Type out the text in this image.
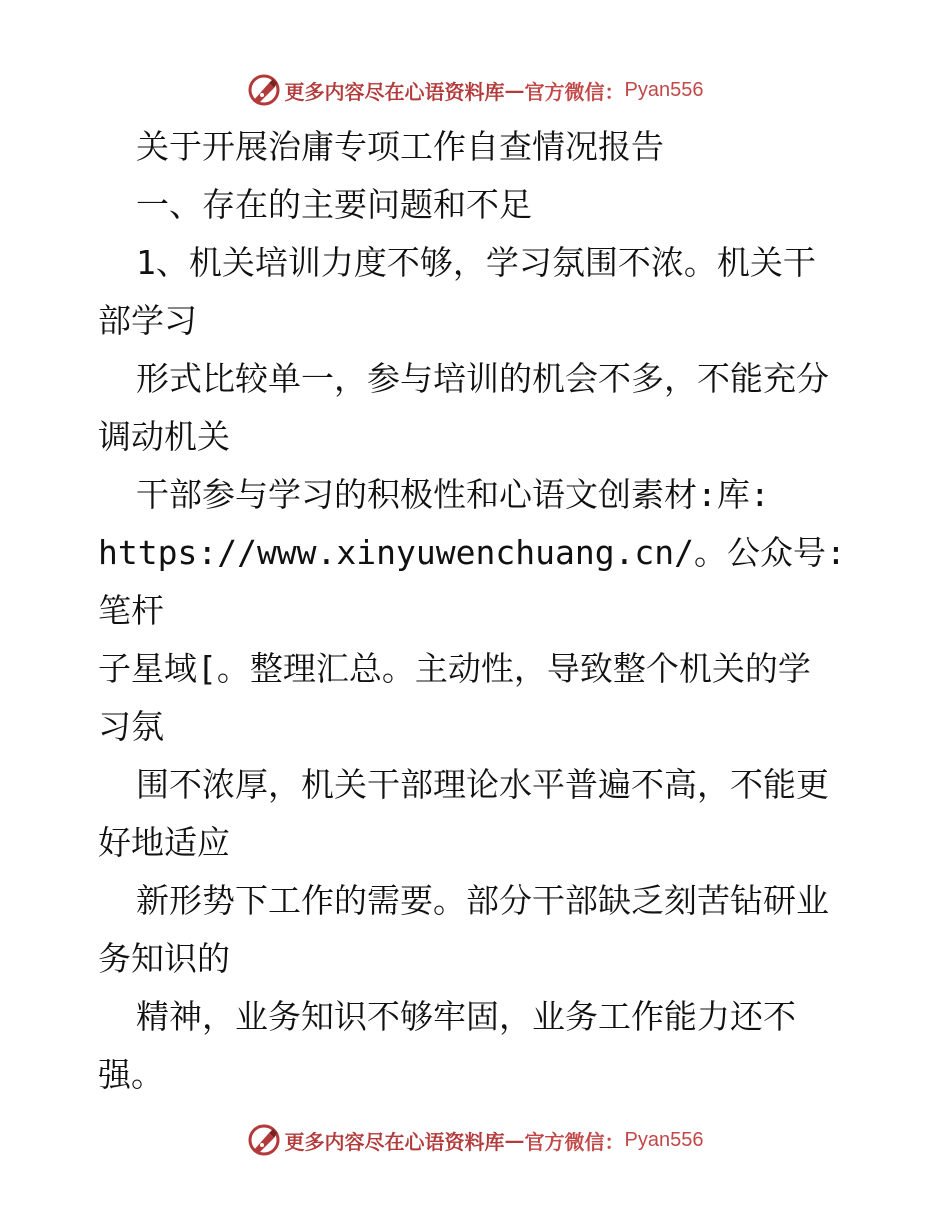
更多内容尽在心语资料库 — 官方微信： Pyan556

关于开展治庸专项工作自查情况报告

一、存在的主要问题和不足

1、机关培训力度不够，学习氛围不浓。机关干

部学习

形式比较单一，参与培训的机会不多，不能充分

调动机关

干部参与学习的积极性和心语文创素材:库:

https://www.xinyuwenchuang.cn/。公众号: 笔杆

子星域[。整理汇总。主动性，导致整个机关的学

习氛

围不浓厚，机关干部理论水平普遍不高，不能更

好地适应

新形势下工作的需要。部分干部缺乏刻苦钻研业

务知识的

精神，业务知识不够牢固，业务工作能力还不

强。

更多内容尽在心语资料库 — 官方微信： Pyan556
